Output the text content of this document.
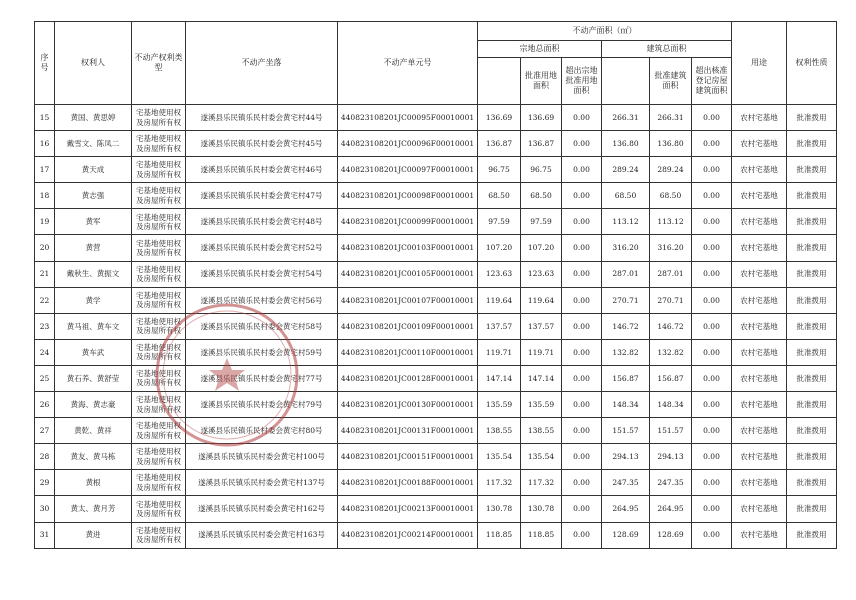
序号	权利人	不动产权利类型	不动产坐落	不动产单元号	不动产面积（㎡）						用途	权利性质
					宗地总面积			建筑总面积				
						批准用地面积	超出宗地批准用地面积		批准建筑面积	超出核准登记房屋建筑面积		
15	黄国、黄思婷	宅基地使用权及房屋所有权	遂溪县乐民镇乐民村委会黄宅村44号	440823108201JC00095F00010001	136.69	136.69	0.00	266.31	266.31	0.00	农村宅基地	批准拨用
16	戴雪文、陈凤二	宅基地使用权及房屋所有权	遂溪县乐民镇乐民村委会黄宅村45号	440823108201JC00096F00010001	136.87	136.87	0.00	136.80	136.80	0.00	农村宅基地	批准拨用
17	黄天成	宅基地使用权及房屋所有权	遂溪县乐民镇乐民村委会黄宅村46号	440823108201JC00097F00010001	96.75	96.75	0.00	289.24	289.24	0.00	农村宅基地	批准拨用
18	黄志强	宅基地使用权及房屋所有权	遂溪县乐民镇乐民村委会黄宅村47号	440823108201JC00098F00010001	68.50	68.50	0.00	68.50	68.50	0.00	农村宅基地	批准拨用
19	黄军	宅基地使用权及房屋所有权	遂溪县乐民镇乐民村委会黄宅村48号	440823108201JC00099F00010001	97.59	97.59	0.00	113.12	113.12	0.00	农村宅基地	批准拨用
20	黄营	宅基地使用权及房屋所有权	遂溪县乐民镇乐民村委会黄宅村52号	440823108201JC00103F00010001	107.20	107.20	0.00	316.20	316.20	0.00	农村宅基地	批准拨用
21	戴秋生、黄振文	宅基地使用权及房屋所有权	遂溪县乐民镇乐民村委会黄宅村54号	440823108201JC00105F00010001	123.63	123.63	0.00	287.01	287.01	0.00	农村宅基地	批准拨用
22	黄学	宅基地使用权及房屋所有权	遂溪县乐民镇乐民村委会黄宅村56号	440823108201JC00107F00010001	119.64	119.64	0.00	270.71	270.71	0.00	农村宅基地	批准拨用
23	黄马祖、黄车文	宅基地使用权及房屋所有权	遂溪县乐民镇乐民村委会黄宅村58号	440823108201JC00109F00010001	137.57	137.57	0.00	146.72	146.72	0.00	农村宅基地	批准拨用
24	黄车武	宅基地使用权及房屋所有权	遂溪县乐民镇乐民村委会黄宅村59号	440823108201JC00110F00010001	119.71	119.71	0.00	132.82	132.82	0.00	农村宅基地	批准拨用
25	黄石养、黄舒莹	宅基地使用权及房屋所有权	遂溪县乐民镇乐民村委会黄宅村77号	440823108201JC00128F00010001	147.14	147.14	0.00	156.87	156.87	0.00	农村宅基地	批准拨用
26	黄海、黄志豪	宅基地使用权及房屋所有权	遂溪县乐民镇乐民村委会黄宅村79号	440823108201JC00130F00010001	135.59	135.59	0.00	148.34	148.34	0.00	农村宅基地	批准拨用
27	黄乾、黄祥	宅基地使用权及房屋所有权	遂溪县乐民镇乐民村委会黄宅村80号	440823108201JC00131F00010001	138.55	138.55	0.00	151.57	151.57	0.00	农村宅基地	批准拨用
28	黄友、黄马栋	宅基地使用权及房屋所有权	遂溪县乐民镇乐民村委会黄宅村100号	440823108201JC00151F00010001	135.54	135.54	0.00	294.13	294.13	0.00	农村宅基地	批准拨用
29	黄根	宅基地使用权及房屋所有权	遂溪县乐民镇乐民村委会黄宅村137号	440823108201JC00188F00010001	117.32	117.32	0.00	247.35	247.35	0.00	农村宅基地	批准拨用
30	黄太、黄月芳	宅基地使用权及房屋所有权	遂溪县乐民镇乐民村委会黄宅村162号	440823108201JC00213F00010001	130.78	130.78	0.00	264.95	264.95	0.00	农村宅基地	批准拨用
31	黄进	宅基地使用权及房屋所有权	遂溪县乐民镇乐民村委会黄宅村163号	440823108201JC00214F00010001	118.85	118.85	0.00	128.69	128.69	0.00	农村宅基地	批准拨用
